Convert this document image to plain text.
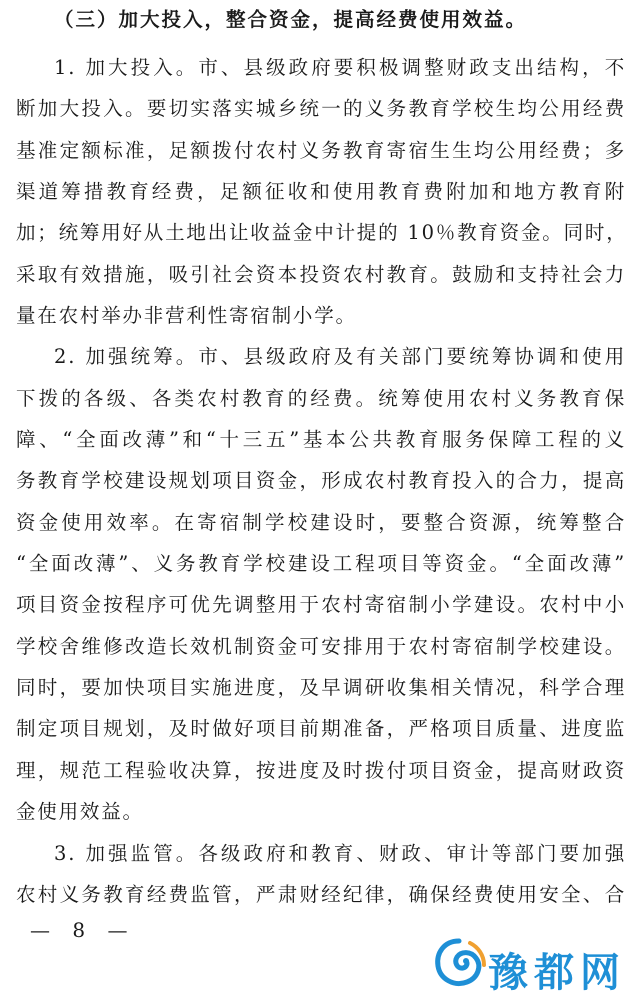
（三）加大投入，整合资金，提高经费使用效益。
1. 加大投入。市、县级政府要积极调整财政支出结构，不
断加大投入。要切实落实城乡统一的义务教育学校生均公用经费
基准定额标准，足额拨付农村义务教育寄宿生生均公用经费；多
渠道筹措教育经费，足额征收和使用教育费附加和地方教育附
加；统筹用好从土地出让收益金中计提的 10％教育资金。同时，
采取有效措施，吸引社会资本投资农村教育。鼓励和支持社会力
量在农村举办非营利性寄宿制小学。
2. 加强统筹。市、县级政府及有关部门要统筹协调和使用
下拨的各级、各类农村教育的经费。统筹使用农村义务教育保
障、“全面改薄”和“十三五”基本公共教育服务保障工程的义
务教育学校建设规划项目资金，形成农村教育投入的合力，提高
资金使用效率。在寄宿制学校建设时，要整合资源，统筹整合
“全面改薄”、义务教育学校建设工程项目等资金。“全面改薄”
项目资金按程序可优先调整用于农村寄宿制小学建设。农村中小
学校舍维修改造长效机制资金可安排用于农村寄宿制学校建设。
同时，要加快项目实施进度，及早调研收集相关情况，科学合理
制定项目规划，及时做好项目前期准备，严格项目质量、进度监
理，规范工程验收决算，按进度及时拨付项目资金，提高财政资
金使用效益。
3. 加强监管。各级政府和教育、财政、审计等部门要加强
农村义务教育经费监管，严肃财经纪律，确保经费使用安全、合
— 8 —
豫都网
